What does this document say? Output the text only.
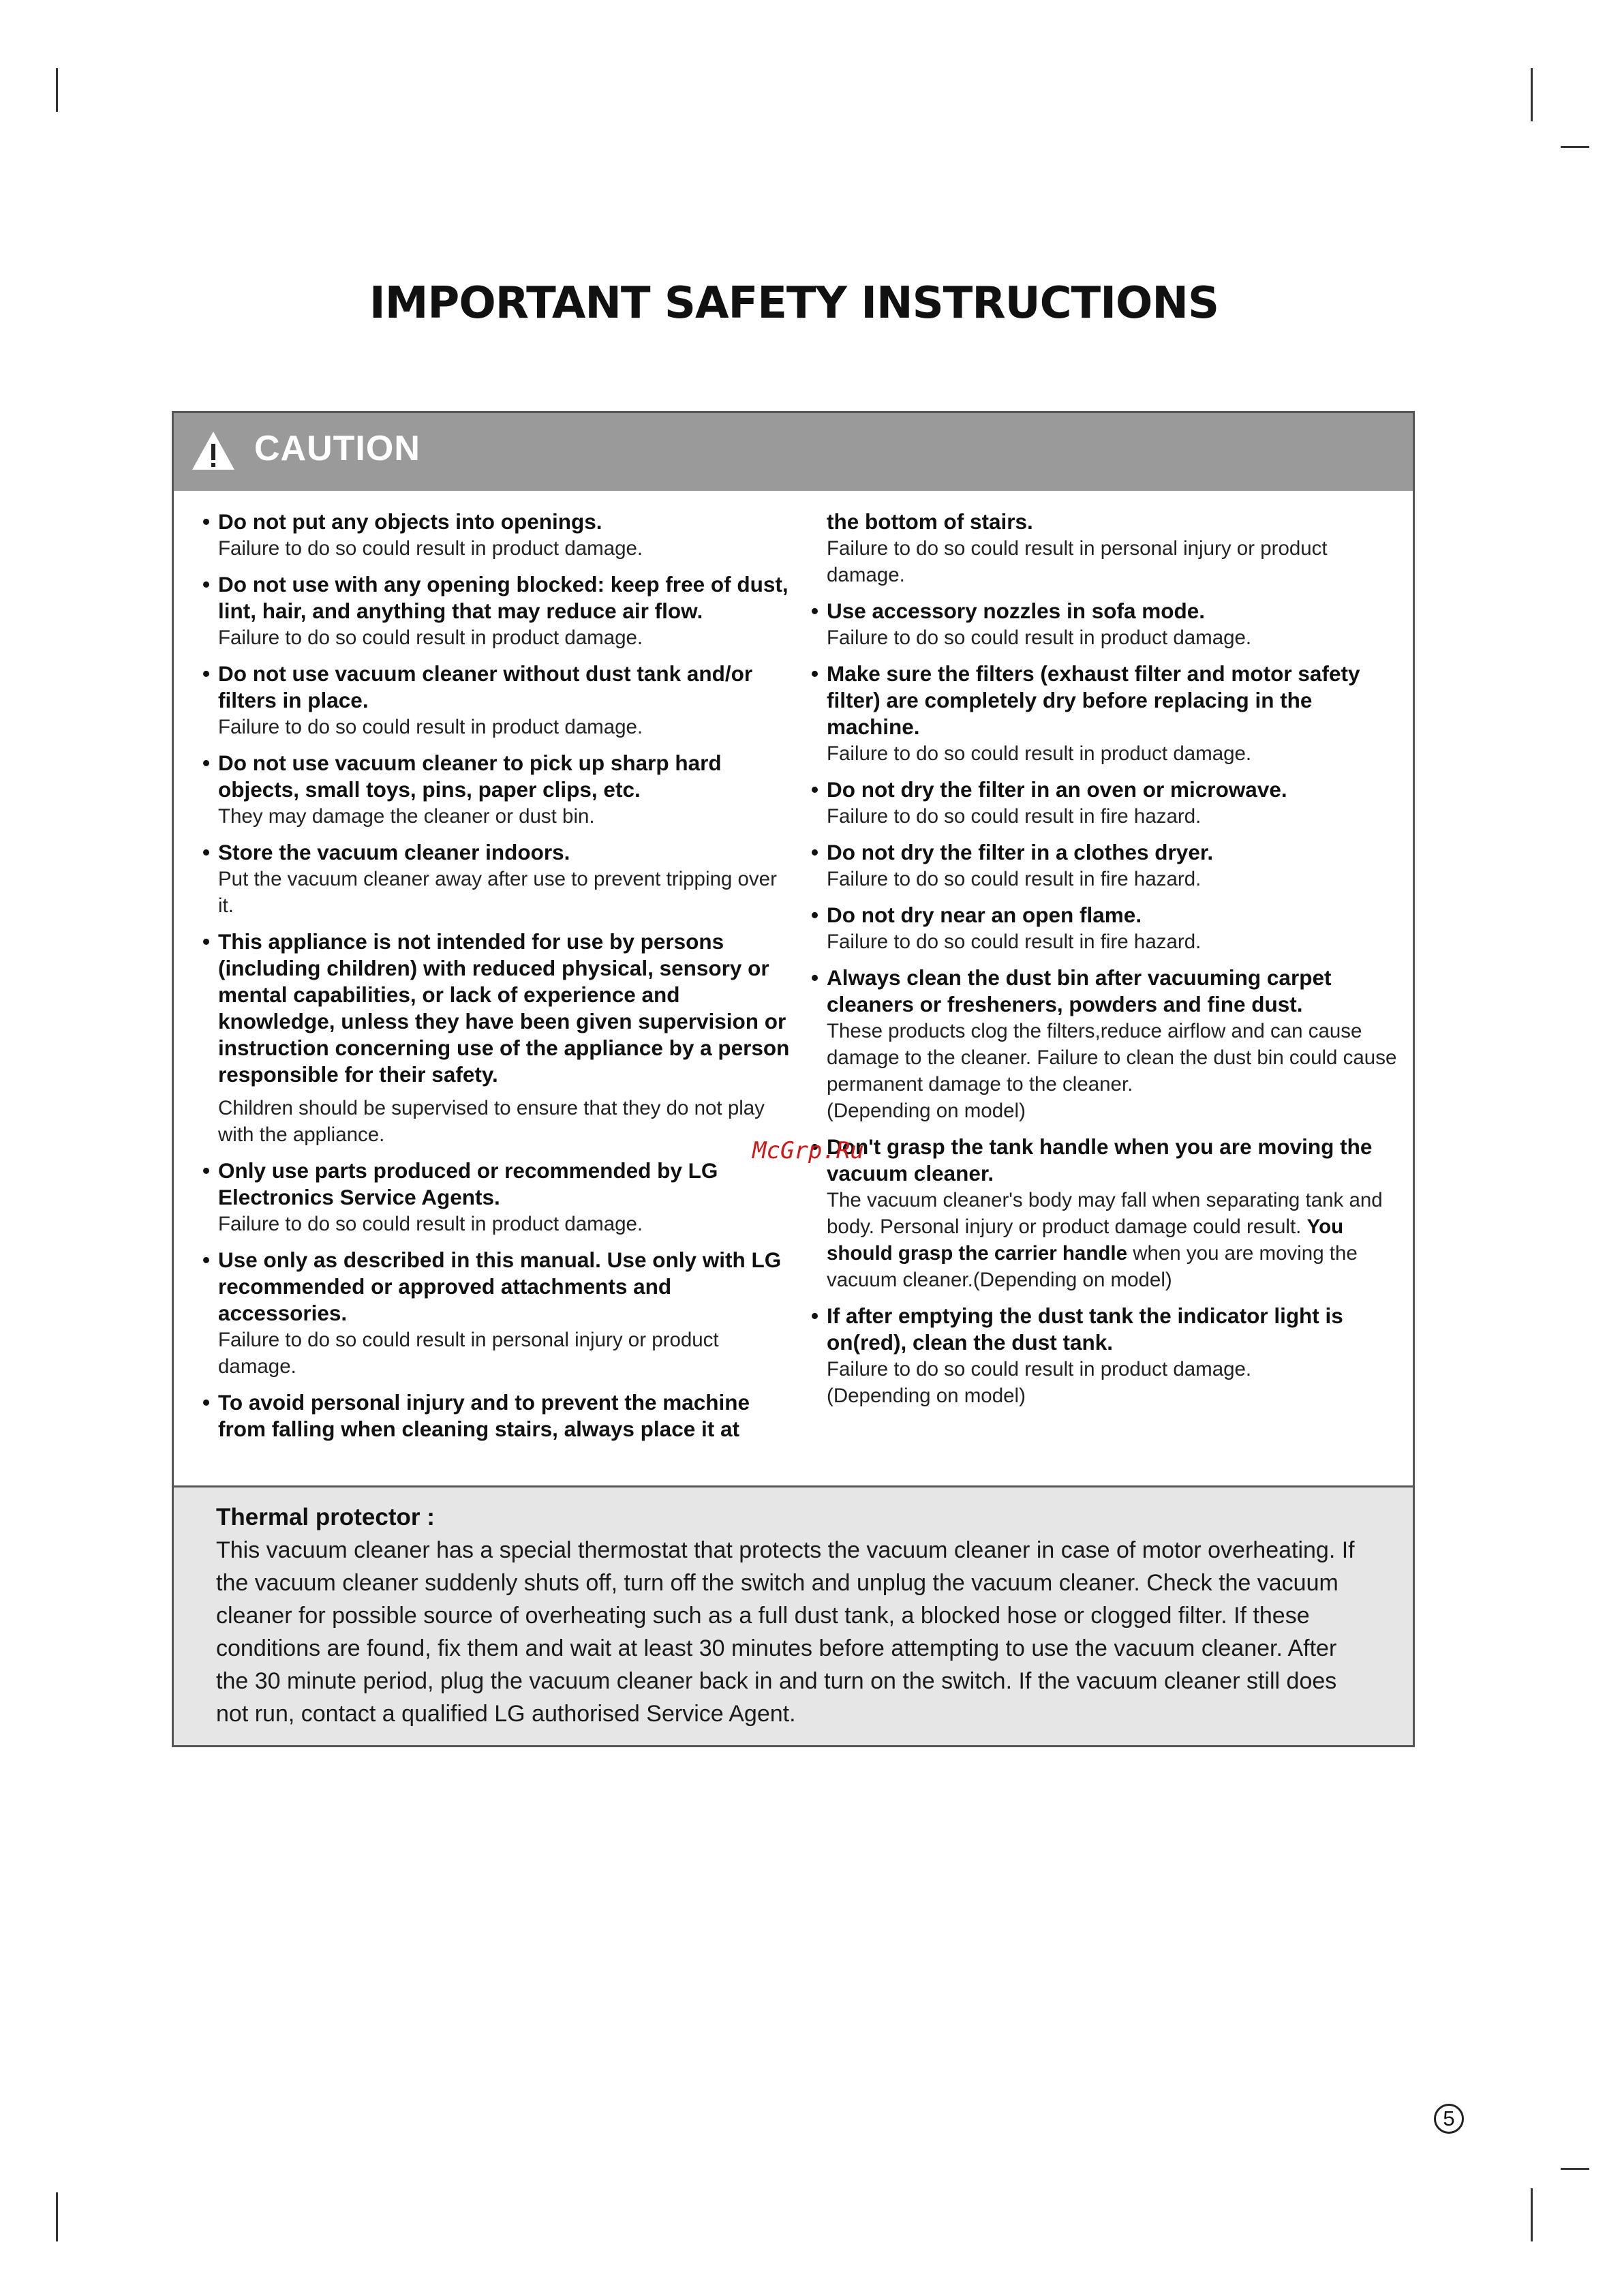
IMPORTANT SAFETY INSTRUCTIONS
CAUTION
• Do not put any objects into openings.
Failure to do so could result in product damage.
• Do not use with any opening blocked: keep free of dust, lint, hair, and anything that may reduce air flow.
Failure to do so could result in product damage.
• Do not use vacuum cleaner without dust tank and/or filters in place.
Failure to do so could result in product damage.
• Do not use vacuum cleaner to pick up sharp hard objects, small toys, pins, paper clips, etc.
They may damage the cleaner or dust bin.
• Store the vacuum cleaner indoors.
Put the vacuum cleaner away after use to prevent tripping over it.
• This appliance is not intended for use by persons (including children) with reduced physical, sensory or mental capabilities, or lack of experience and knowledge, unless they have been given supervision or instruction concerning use of the appliance by a person responsible for their safety.
Children should be supervised to ensure that they do not play with the appliance.
• Only use parts produced or recommended by LG Electronics Service Agents.
Failure to do so could result in product damage.
• Use only as described in this manual. Use only with LG recommended or approved attachments and accessories.
Failure to do so could result in personal injury or product damage.
• To avoid personal injury and to prevent the machine from falling when cleaning stairs, always place it at
the bottom of stairs.
Failure to do so could result in personal injury or product damage.
• Use accessory nozzles in sofa mode.
Failure to do so could result in product damage.
• Make sure the filters (exhaust filter and motor safety filter) are completely dry before replacing in the machine.
Failure to do so could result in product damage.
• Do not dry the filter in an oven or microwave.
Failure to do so could result in fire hazard.
• Do not dry the filter in a clothes dryer.
Failure to do so could result in fire hazard.
• Do not dry near an open flame.
Failure to do so could result in fire hazard.
• Always clean the dust bin after vacuuming carpet cleaners or fresheners, powders and fine dust.
These products clog the filters,reduce airflow and can cause damage to the cleaner. Failure to clean the dust bin could cause permanent damage to the cleaner.
(Depending on model)
• Don't grasp the tank handle when you are moving the vacuum cleaner.
The vacuum cleaner's body may fall when separating tank and body. Personal injury or product damage could result. You should grasp the carrier handle when you are moving the vacuum cleaner.(Depending on model)
• If after emptying the dust tank the indicator light is on(red), clean the dust tank.
Failure to do so could result in product damage.
(Depending on model)
Thermal protector :
This vacuum cleaner has a special thermostat that protects the vacuum cleaner in case of motor overheating. If the vacuum cleaner suddenly shuts off, turn off the switch and unplug the vacuum cleaner. Check the vacuum cleaner for possible source of overheating such as a full dust tank, a blocked hose or clogged filter. If these conditions are found, fix them and wait at least 30 minutes before attempting to use the vacuum cleaner. After the 30 minute period, plug the vacuum cleaner back in and turn on the switch. If the vacuum cleaner still does not run, contact a qualified LG authorised Service Agent.
McGrp.Ru
5
